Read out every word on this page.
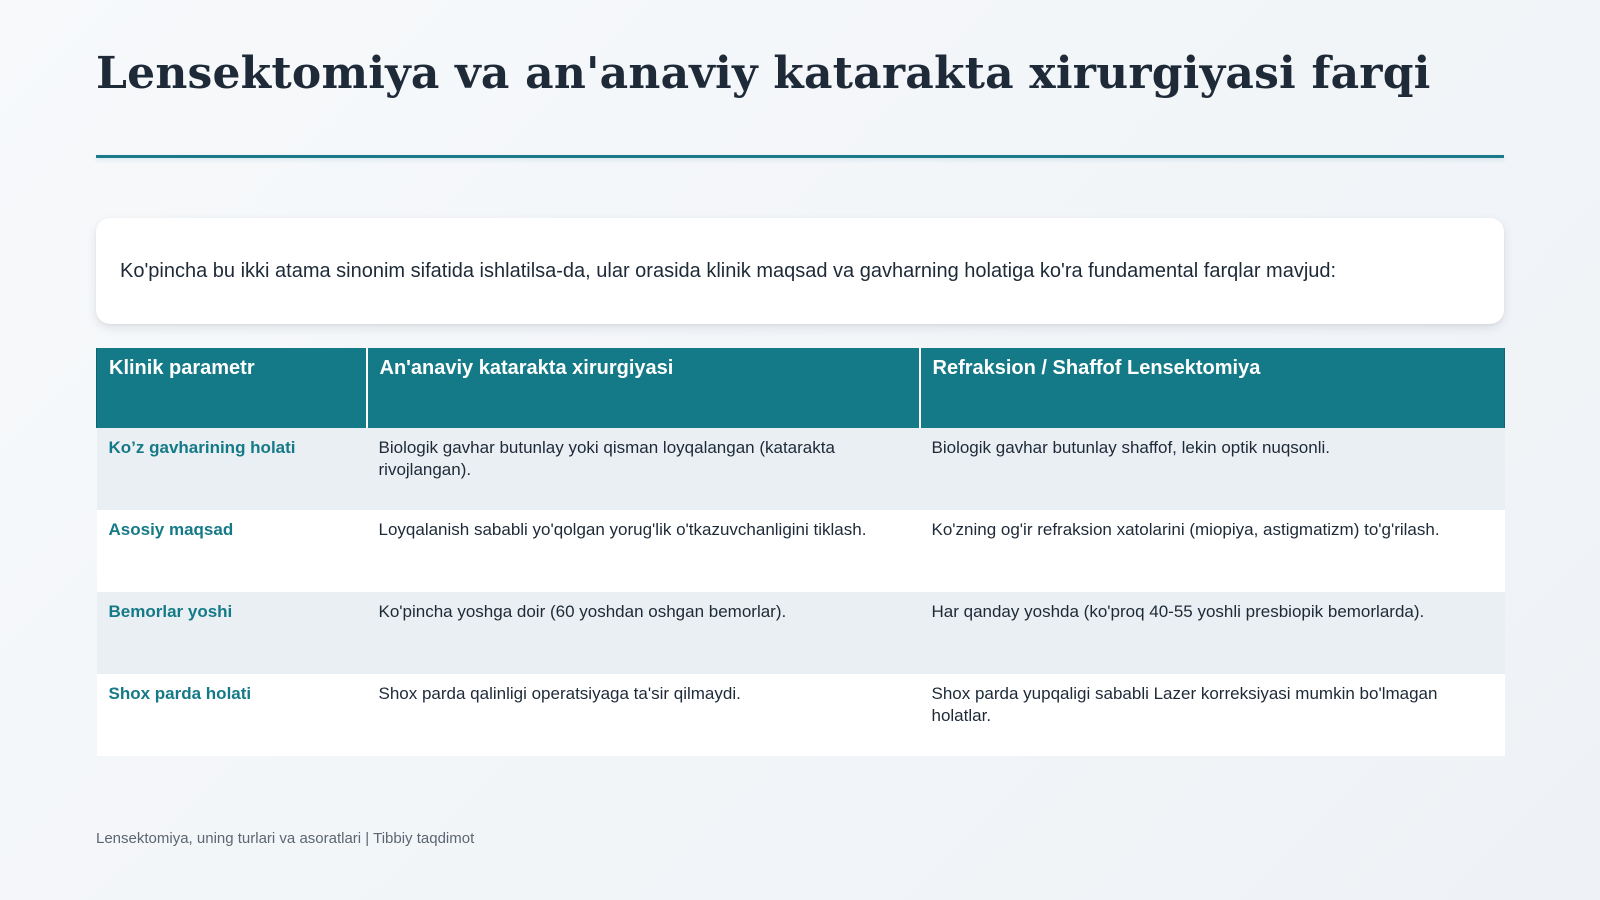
Lensektomiya va an'anaviy katarakta xirurgiyasi farqi

Ko'pincha bu ikki atama sinonim sifatida ishlatilsa-da, ular orasida klinik maqsad va gavharning holatiga ko'ra fundamental farqlar mavjud:

Klinik parametr	An'anaviy katarakta xirurgiyasi	Refraksion / Shaffof Lensektomiya
Ko’z gavharining holati	Biologik gavhar butunlay yoki qisman loyqalangan (katarakta rivojlangan).	Biologik gavhar butunlay shaffof, lekin optik nuqsonli.
Asosiy maqsad	Loyqalanish sababli yo'qolgan yorug'lik o'tkazuvchanligini tiklash.	Ko'zning og'ir refraksion xatolarini (miopiya, astigmatizm) to'g'rilash.
Bemorlar yoshi	Ko'pincha yoshga doir (60 yoshdan oshgan bemorlar).	Har qanday yoshda (ko'proq 40-55 yoshli presbiopik bemorlarda).
Shox parda holati	Shox parda qalinligi operatsiyaga ta'sir qilmaydi.	Shox parda yupqaligi sababli Lazer korreksiyasi mumkin bo'lmagan holatlar.
Lensektomiya, uning turlari va asoratlari | Tibbiy taqdimot
